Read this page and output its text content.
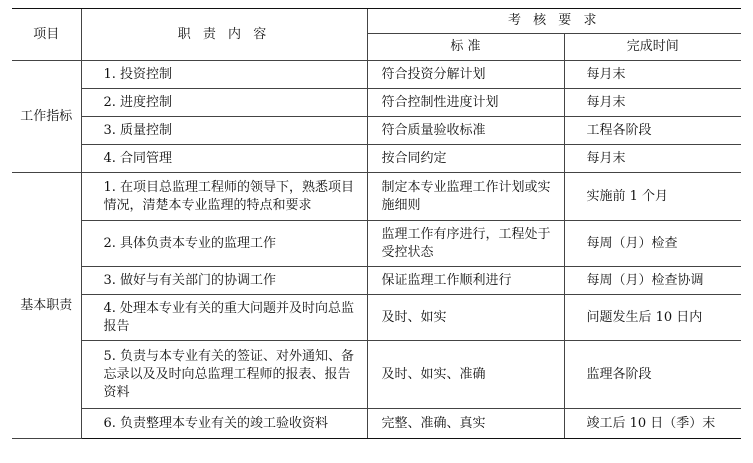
项目	职 责 内 容	考 核 要 求	
		标 准	完成时间
工作指标	1. 投资控制	符合投资分解计划	每月末
	2. 进度控制	符合控制性进度计划	每月末
	3. 质量控制	符合质量验收标准	工程各阶段
	4. 合同管理	按合同约定	每月末
基本职责	1. 在项目总监理工程师的领导下，熟悉项目情况，清楚本专业监理的特点和要求	制定本专业监理工作计划或实施细则	实施前 1 个月
	2. 具体负责本专业的监理工作	监理工作有序进行，工程处于受控状态	每周（月）检查
	3. 做好与有关部门的协调工作	保证监理工作顺利进行	每周（月）检查协调
	4. 处理本专业有关的重大问题并及时向总监报告	及时、如实	问题发生后 10 日内
	5. 负责与本专业有关的签证、对外通知、备忘录以及及时向总监理工程师的报表、报告资料	及时、如实、准确	监理各阶段
	6. 负责整理本专业有关的竣工验收资料	完整、准确、真实	竣工后 10 日（季）末
